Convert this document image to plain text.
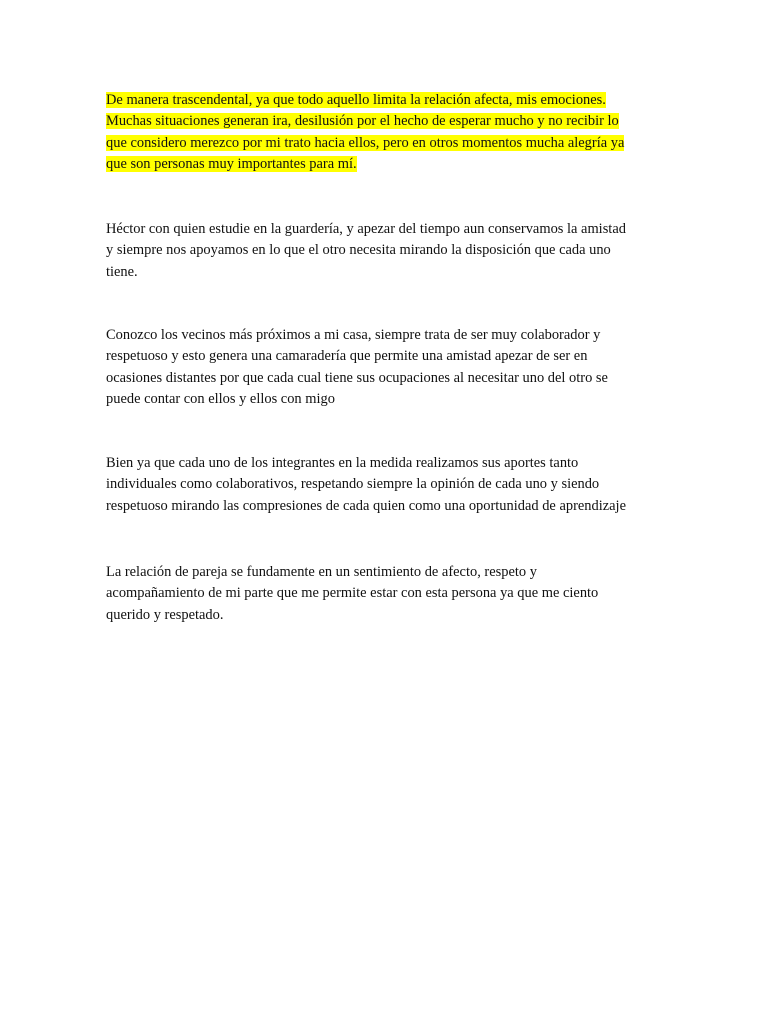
De manera trascendental, ya que todo aquello limita la relación afecta, mis emociones.
Muchas situaciones generan ira, desilusión por el hecho de esperar mucho y no recibir lo
que considero merezco por mi trato hacia ellos, pero en otros momentos mucha alegría ya
que son personas muy importantes para mí.
Héctor con quien estudie en la guardería, y apezar del tiempo aun conservamos la amistad
y siempre nos apoyamos en lo que el otro necesita mirando la disposición que cada uno
tiene.
Conozco los vecinos más próximos a mi casa, siempre trata de ser muy colaborador y
respetuoso y esto genera una camaradería que permite una amistad apezar de ser en
ocasiones distantes por que cada cual tiene sus ocupaciones al necesitar uno del otro se
puede contar con ellos y ellos con migo
Bien ya que cada uno de los integrantes en la medida realizamos sus aportes tanto
individuales como colaborativos, respetando siempre la opinión de cada uno y siendo
respetuoso mirando las compresiones de cada quien como una oportunidad de aprendizaje
La relación de pareja se fundamente en un sentimiento de afecto, respeto y
acompañamiento de mi parte que me permite estar con esta persona ya que me ciento
querido y respetado.
